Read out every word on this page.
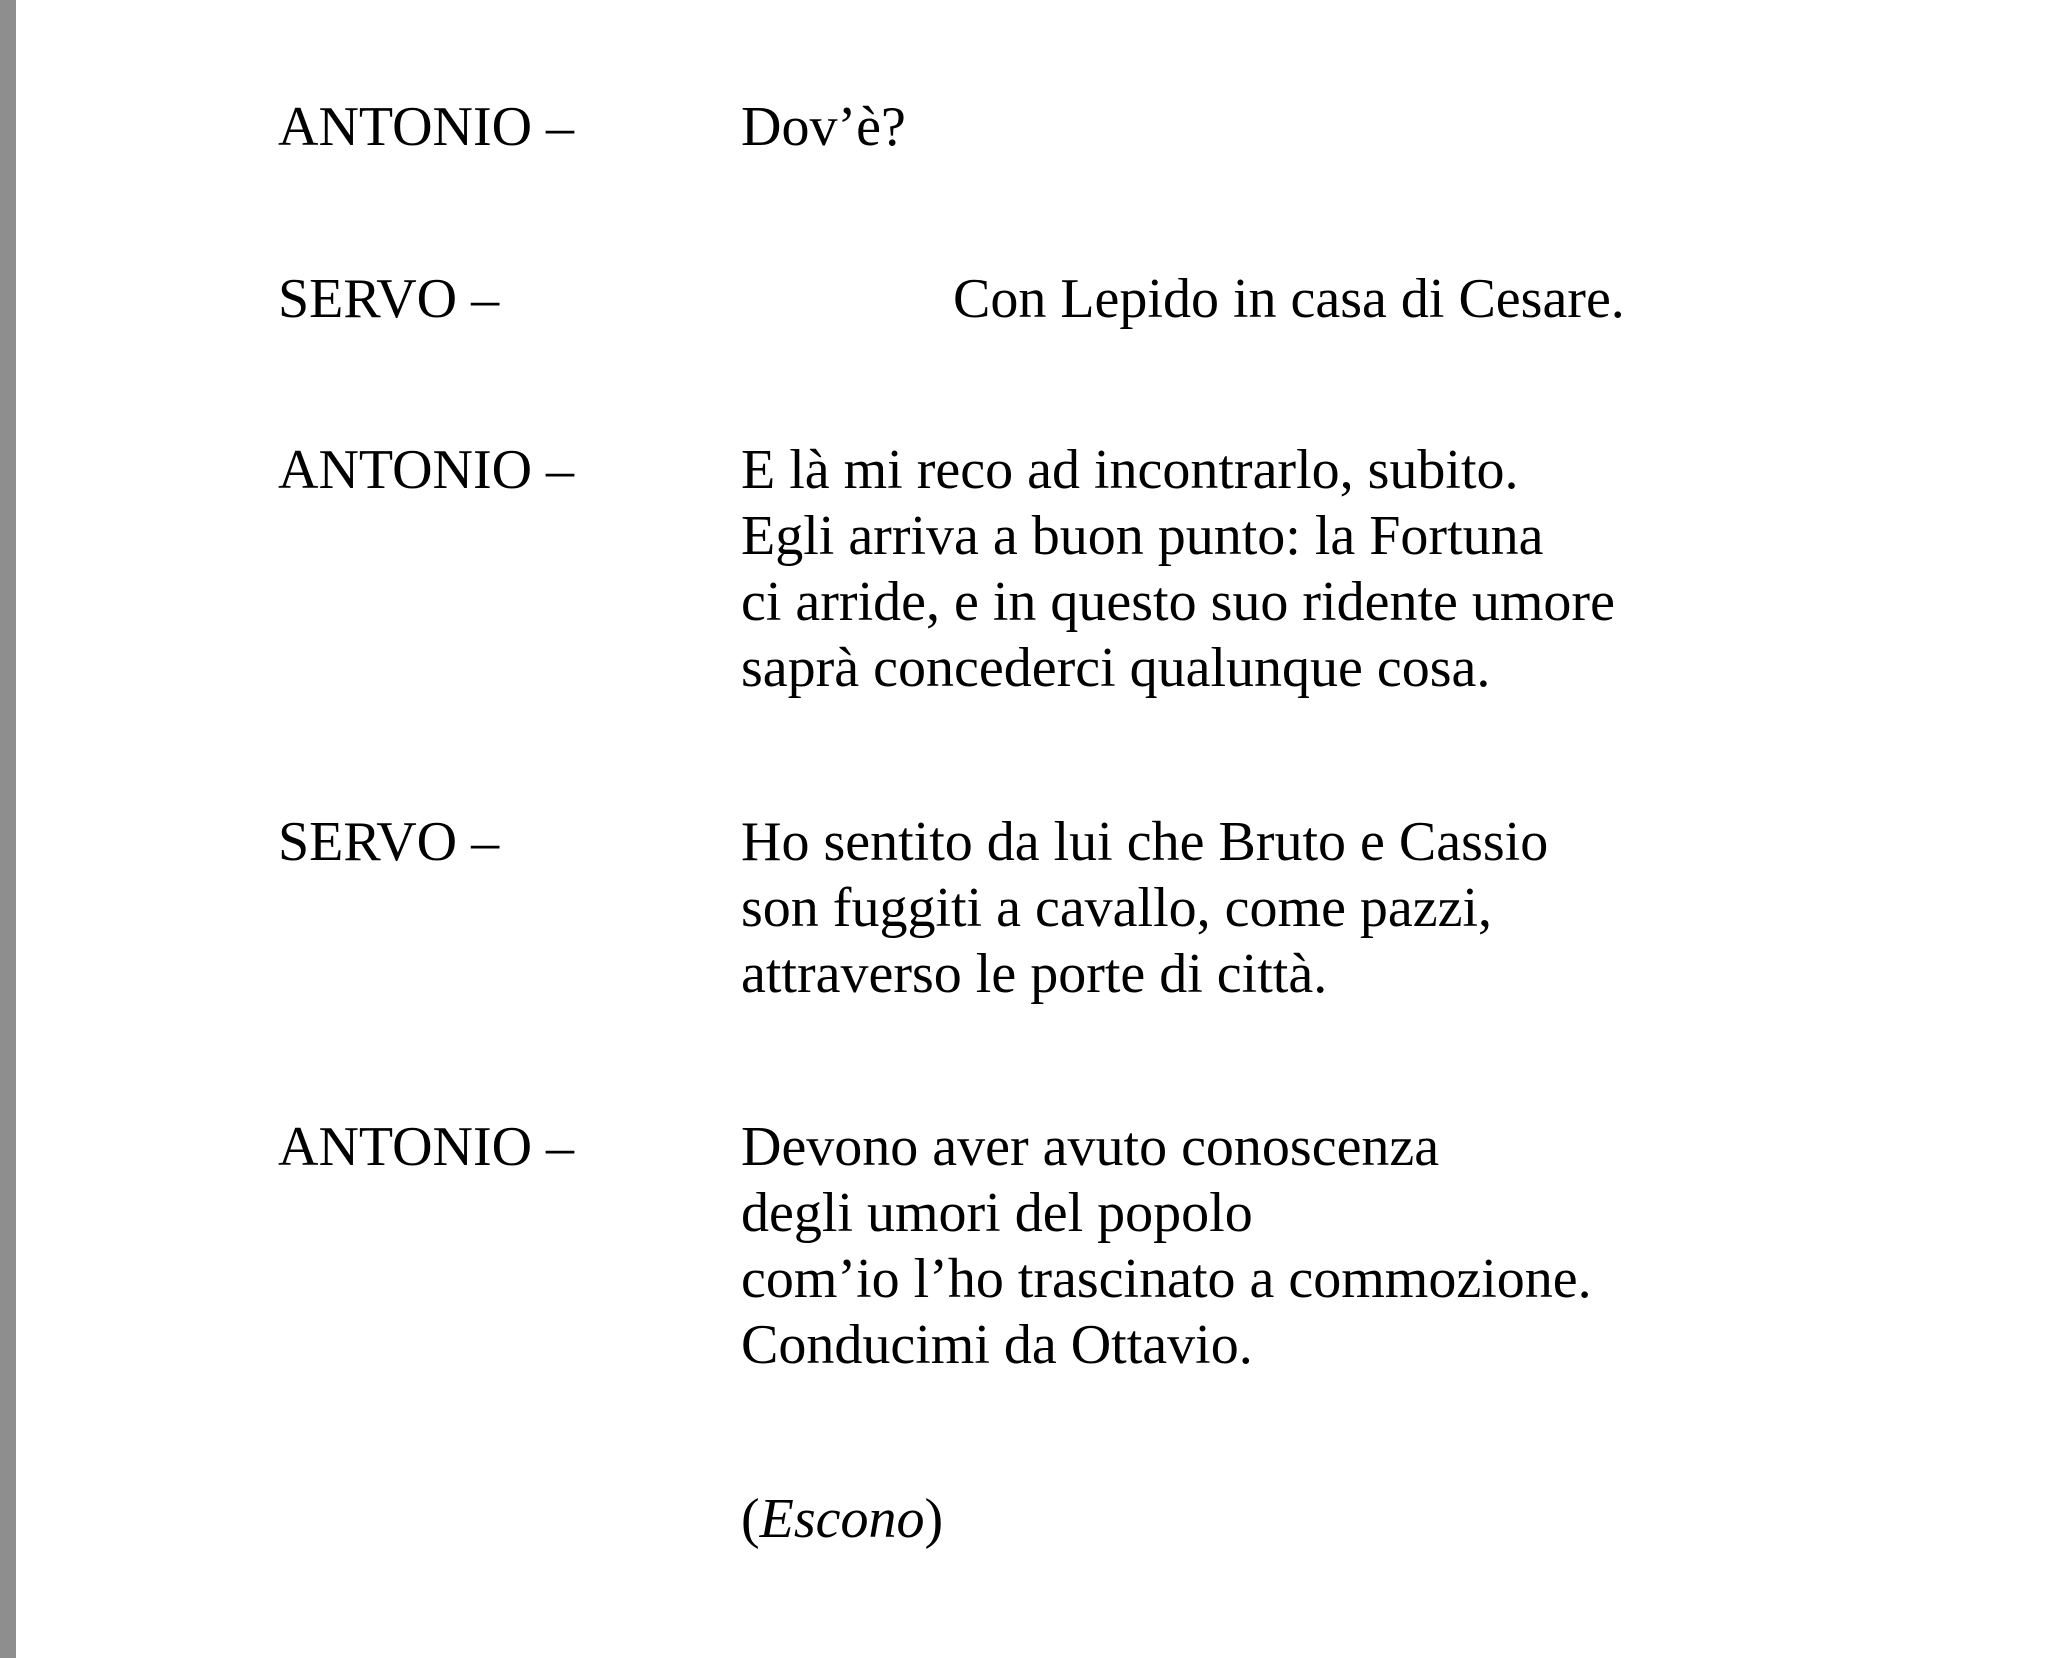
ANTONIO –	Dov’è?
SERVO –	Con Lepido in casa di Cesare.
ANTONIO –	E là mi reco ad incontrarlo, subito.
Egli arriva a buon punto: la Fortuna
ci arride, e in questo suo ridente umore
saprà concederci qualunque cosa.
SERVO –	Ho sentito da lui che Bruto e Cassio
son fuggiti a cavallo, come pazzi,
attraverso le porte di città.
ANTONIO –	Devono aver avuto conoscenza
degli umori del popolo
com’io l’ho trascinato a commozione.
Conducimi da Ottavio.
(Escono)
